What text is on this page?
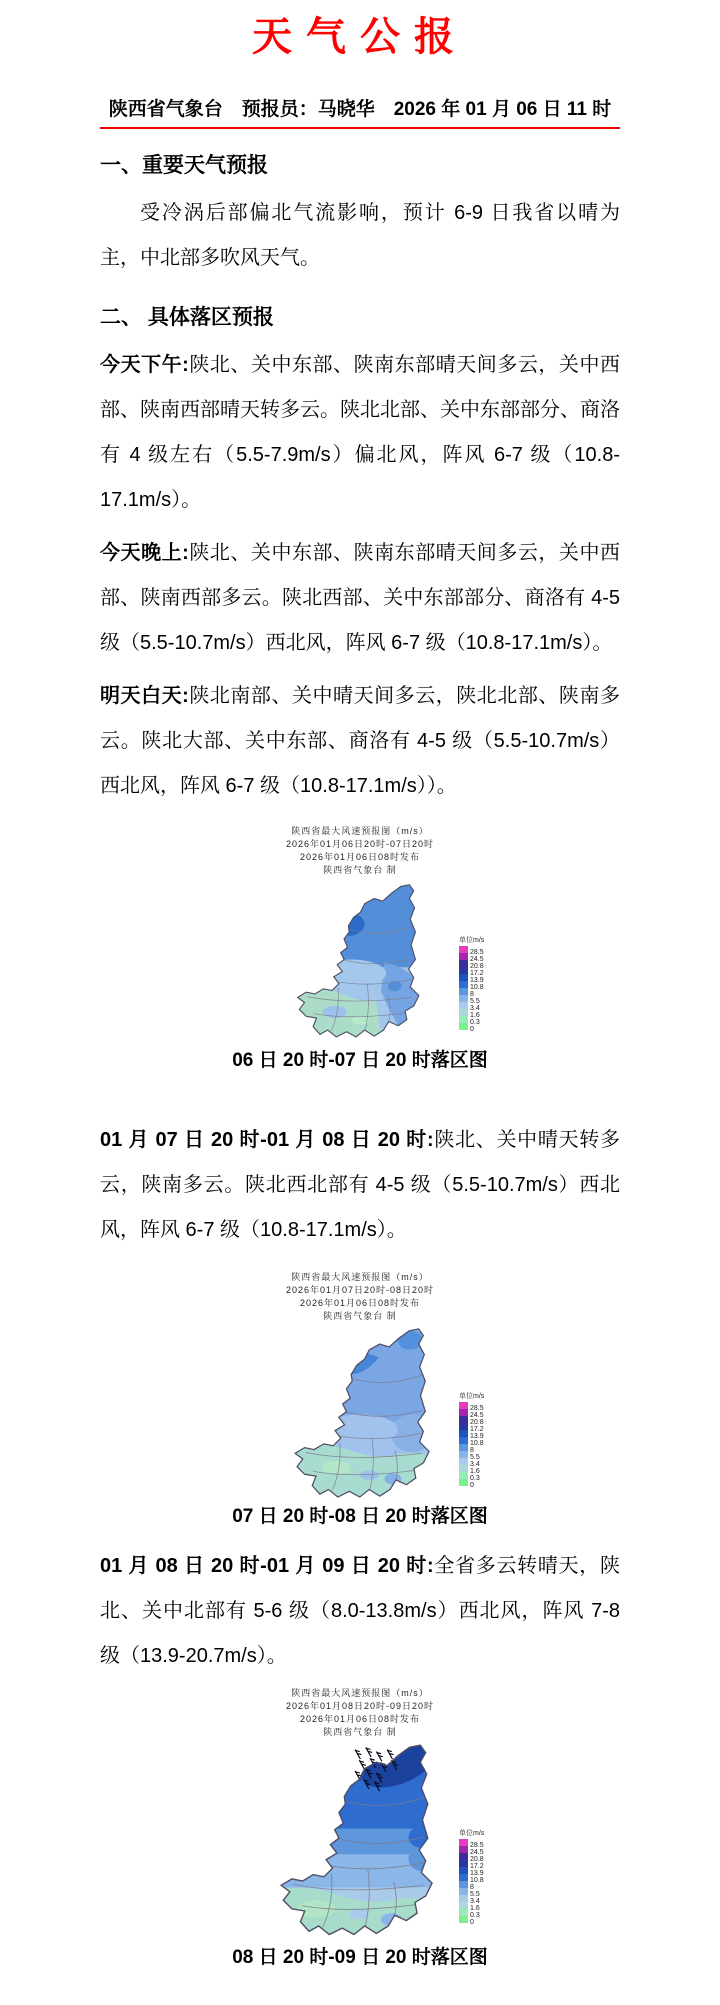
天气公报
陕西省气象台　预报员：马晓华　2026 年 01 月 06 日 11 时
一、重要天气预报

受冷涡后部偏北气流影响，预计 6-9 日我省以晴为主，中北部多吹风天气。

二、 具体落区预报

今天下午:陕北、关中东部、陕南东部晴天间多云，关中西部、陕南西部晴天转多云。陕北北部、关中东部部分、商洛有 4 级左右（5.5-7.9m/s）偏北风，阵风 6-7 级（10.8-17.1m/s）。

今天晚上:陕北、关中东部、陕南东部晴天间多云，关中西部、陕南西部多云。陕北西部、关中东部部分、商洛有 4-5 级（5.5-10.7m/s）西北风，阵风 6-7 级（10.8-17.1m/s）。

明天白天:陕北南部、关中晴天间多云，陕北北部、陕南多云。陕北大部、关中东部、商洛有 4-5 级（5.5-10.7m/s）西北风，阵风 6-7 级（10.8-17.1m/s））。

陕西省最大风速预报图（m/s）
2026年01月06日20时-07日20时
2026年01月06日08时发布
陕西省气象台 制
单位m/s
28.5
24.5
20.8
17.2
13.9
10.8
8
5.5
3.4
1.6
0.3
0
06 日 20 时-07 日 20 时落区图

01 月 07 日 20 时-01 月 08 日 20 时:陕北、关中晴天转多云，陕南多云。陕北西北部有 4-5 级（5.5-10.7m/s）西北风，阵风 6-7 级（10.8-17.1m/s）。

陕西省最大风速预报图（m/s）
2026年01月07日20时-08日20时
2026年01月06日08时发布
陕西省气象台 制
单位m/s
28.5
24.5
20.8
17.2
13.9
10.8
8
5.5
3.4
1.6
0.3
0
07 日 20 时-08 日 20 时落区图

01 月 08 日 20 时-01 月 09 日 20 时:全省多云转晴天，陕北、关中北部有 5-6 级（8.0-13.8m/s）西北风，阵风 7-8 级（13.9-20.7m/s）。

陕西省最大风速预报图（m/s）
2026年01月08日20时-09日20时
2026年01月06日08时发布
陕西省气象台 制
单位m/s
28.5
24.5
20.8
17.2
13.9
10.8
8
5.5
3.4
1.6
0.3
0
08 日 20 时-09 日 20 时落区图
